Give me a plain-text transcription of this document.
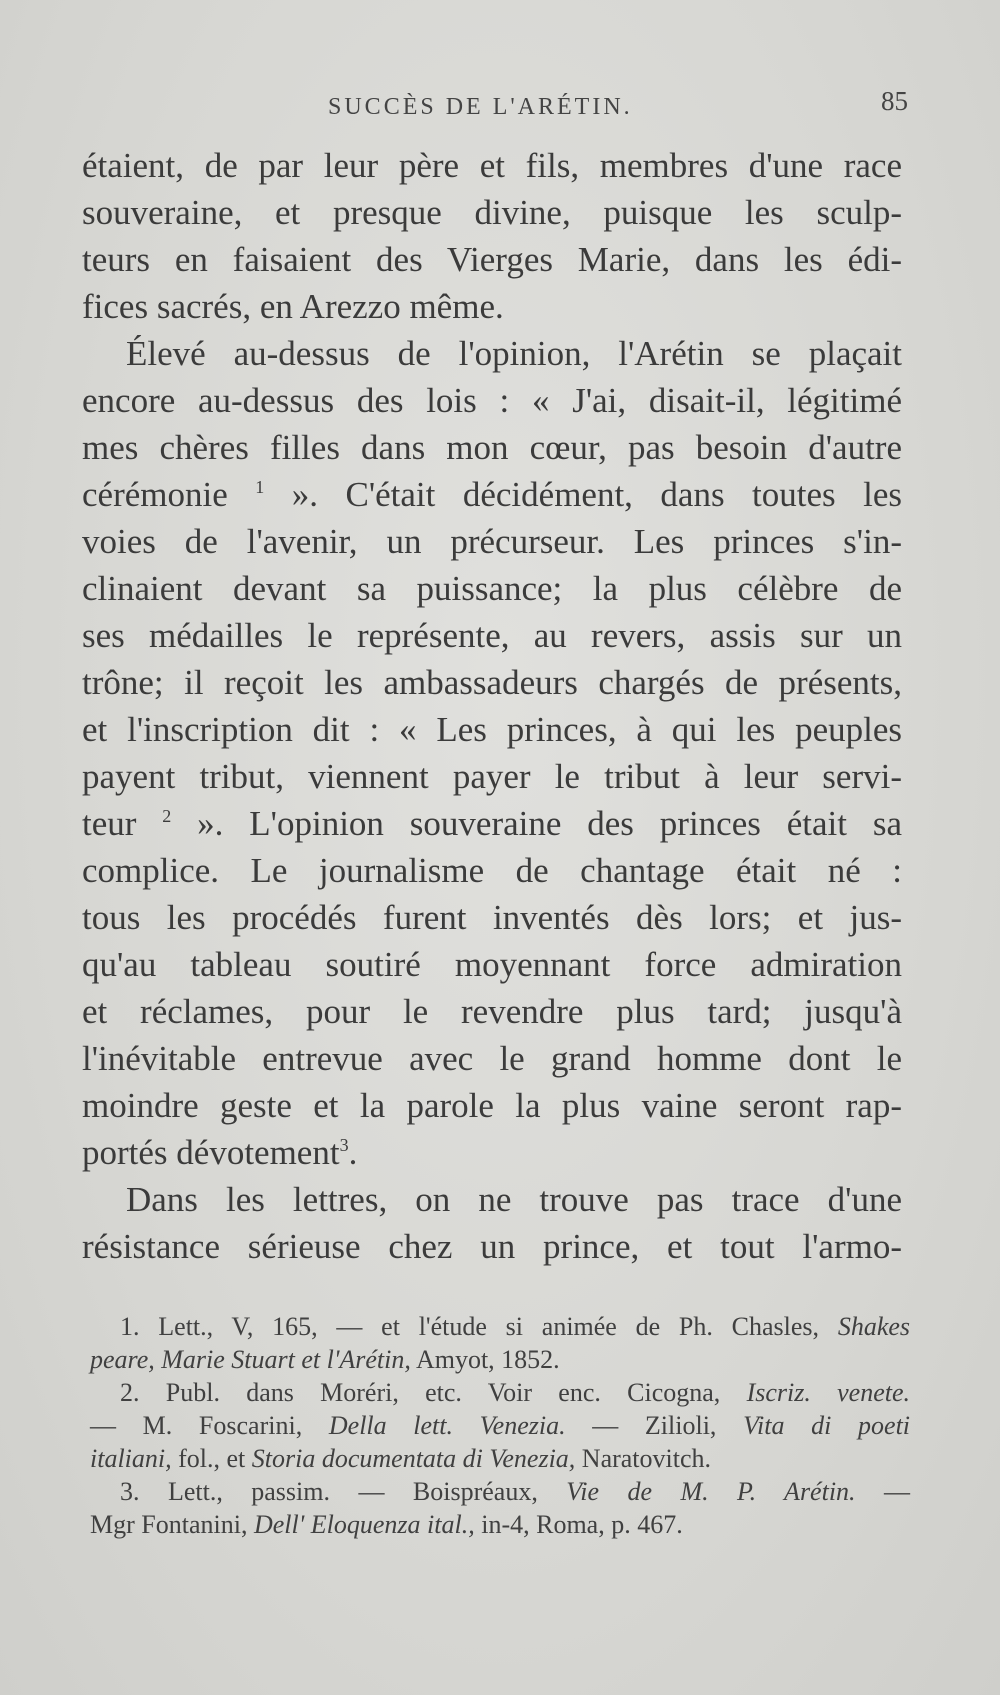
SUCCÈS DE L'ARÉTIN.	85
étaient, de par leur père et fils, membres d'une race
souveraine, et presque divine, puisque les sculp-
teurs en faisaient des Vierges Marie, dans les édi-
fices sacrés, en Arezzo même.
Élevé au-dessus de l'opinion, l'Arétin se plaçait
encore au-dessus des lois : « J'ai, disait-il, légitimé
mes chères filles dans mon cœur, pas besoin d'autre
cérémonie $^1$ ». C'était décidément, dans toutes les
voies de l'avenir, un précurseur. Les princes s'in-
clinaient devant sa puissance; la plus célèbre de
ses médailles le représente, au revers, assis sur un
trône; il reçoit les ambassadeurs chargés de présents,
et l'inscription dit : « Les princes, à qui les peuples
payent tribut, viennent payer le tribut à leur servi-
teur $^2$ ». L'opinion souveraine des princes était sa
complice. Le journalisme de chantage était né :
tous les procédés furent inventés dès lors; et jus-
qu'au tableau soutiré moyennant force admiration
et réclames, pour le revendre plus tard; jusqu'à
l'inévitable entrevue avec le grand homme dont le
moindre geste et la parole la plus vaine seront rap-
portés dévotement$^3$.
Dans les lettres, on ne trouve pas trace d'une
résistance sérieuse chez un prince, et tout l'armo-
1. Lett., V, 165, — et l'étude si animée de Ph. Chasles, Shakes
peare, Marie Stuart et l'Arétin, Amyot, 1852.
2. Publ. dans Moréri, etc. Voir enc. Cicogna, Iscriz. venete.
— M. Foscarini, Della lett. Venezia. — Zilioli, Vita di poeti
italiani, fol., et Storia documentata di Venezia, Naratovitch.
3. Lett., passim. — Boispréaux, Vie de M. P. Arétin. —
Mgr Fontanini, Dell' Eloquenza ital., in-4, Roma, p. 467.
